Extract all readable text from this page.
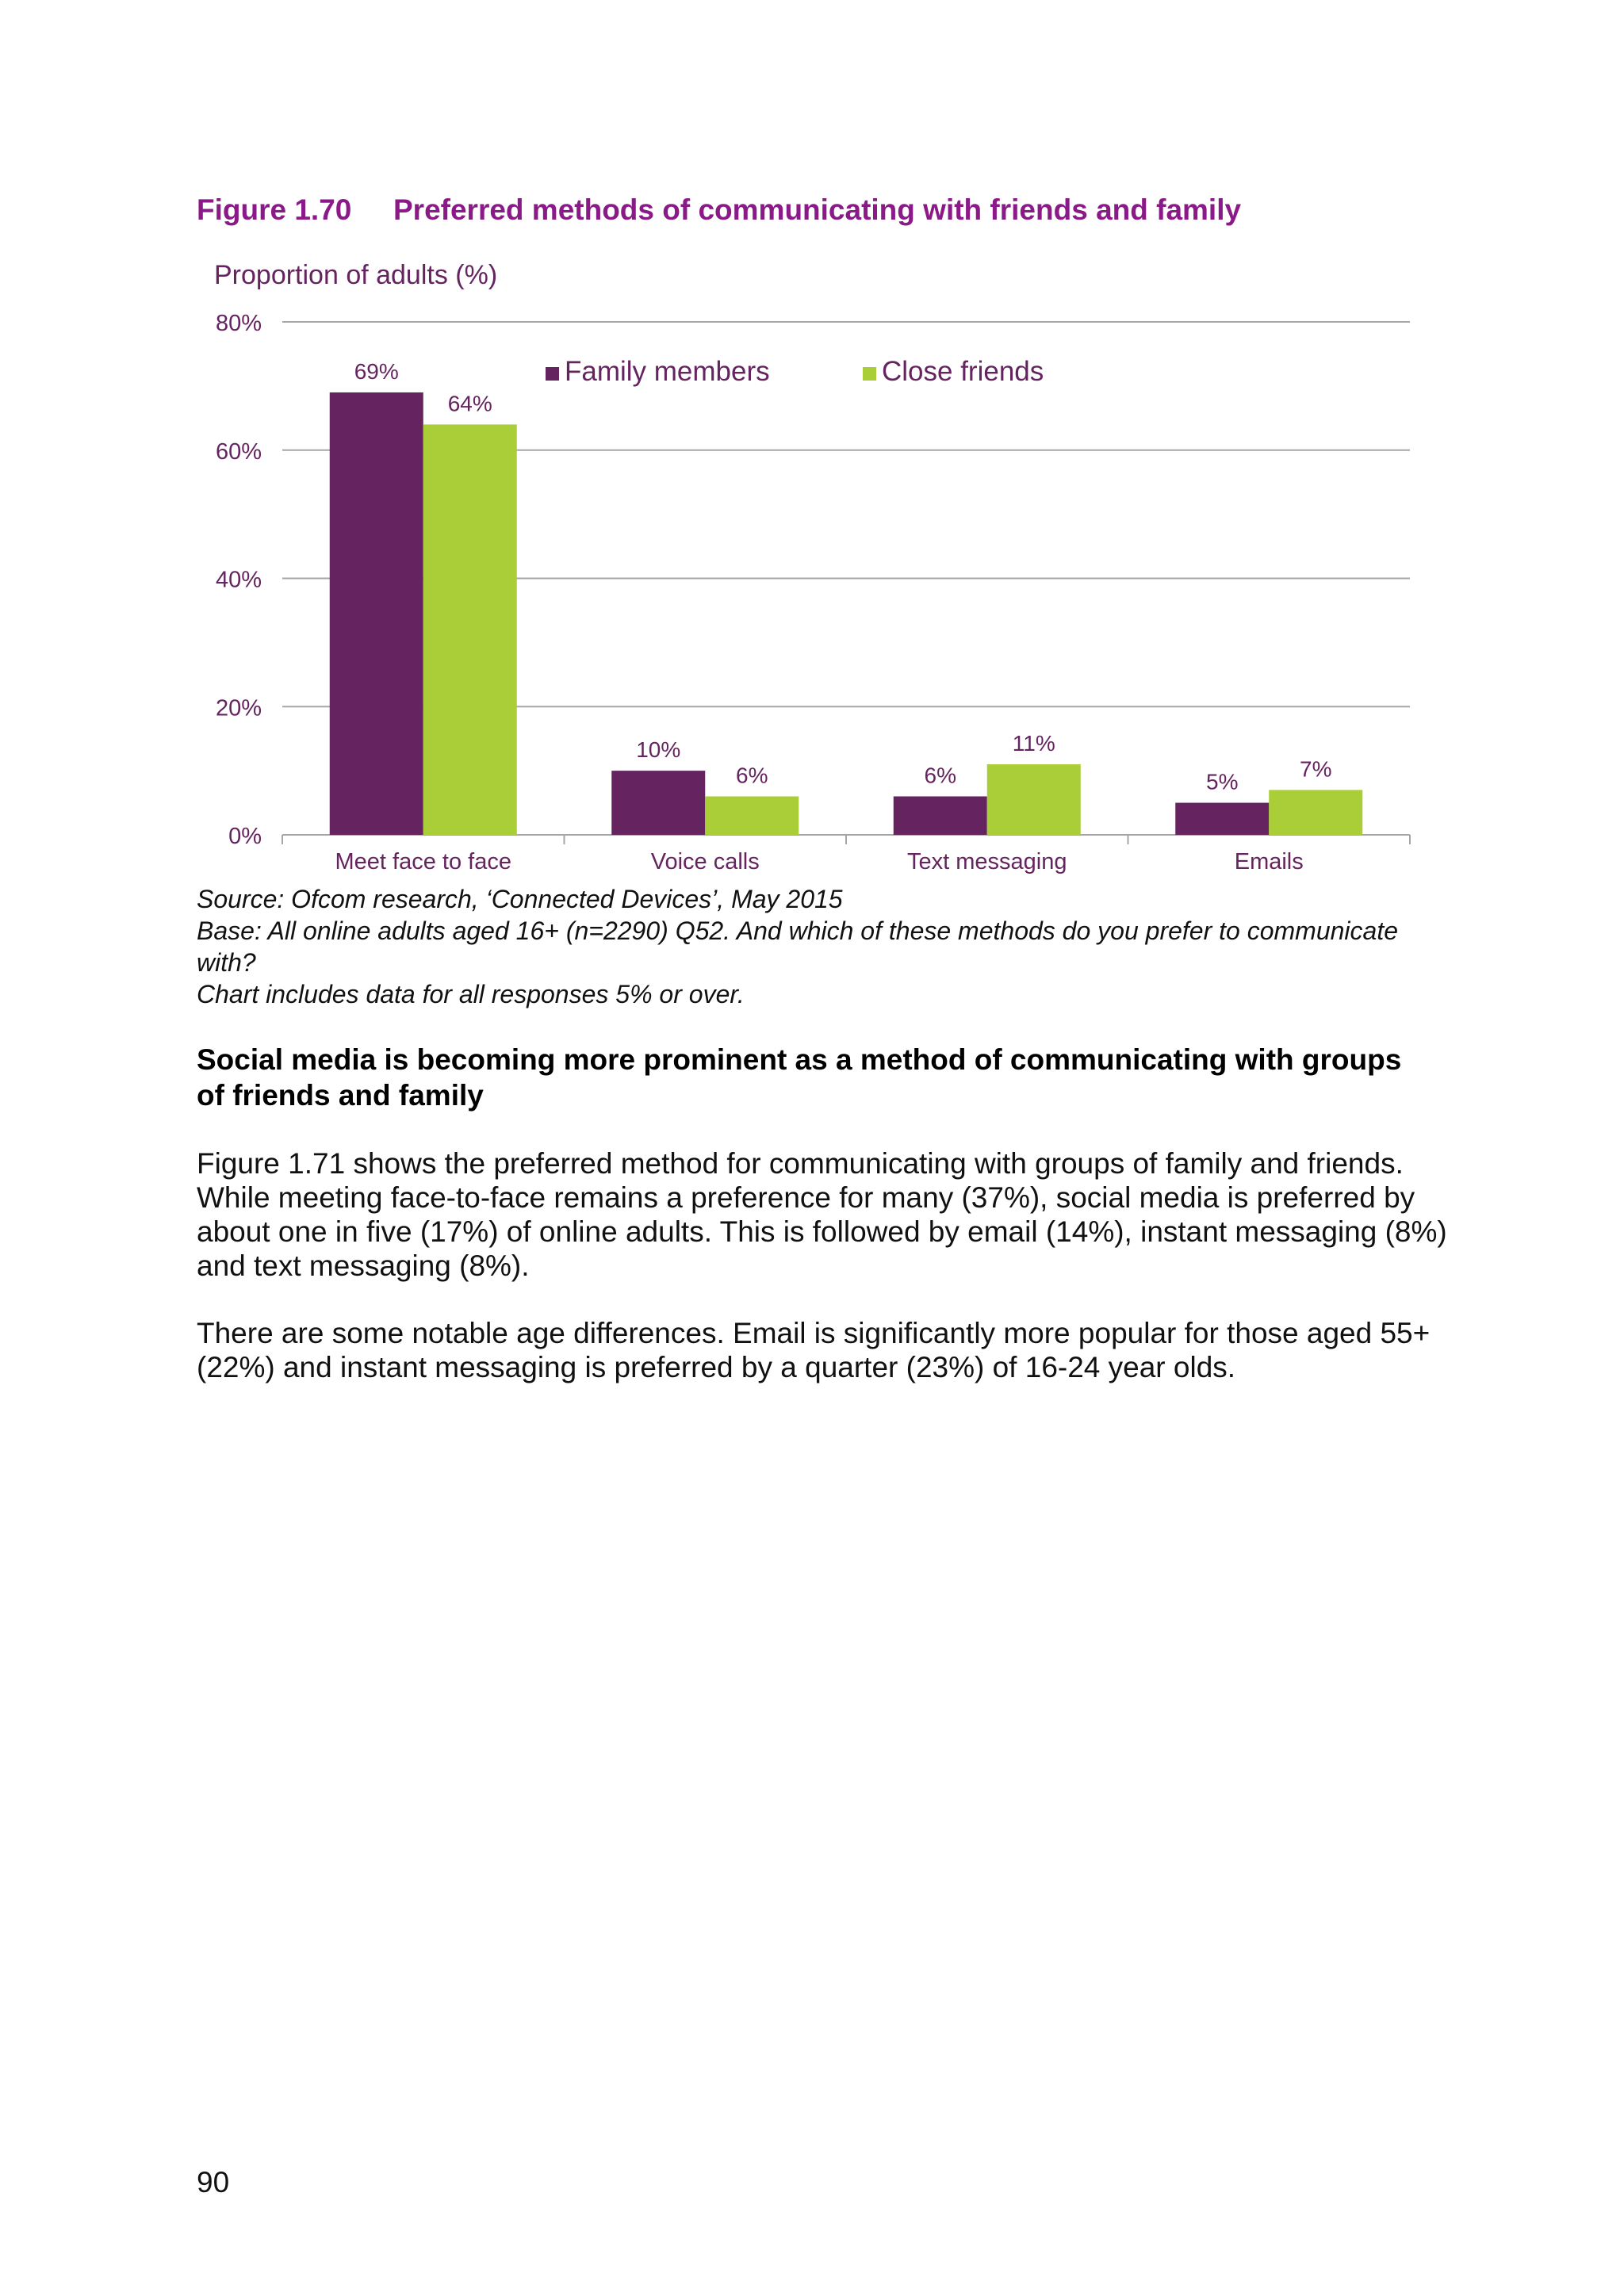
Figure 1.70 Preferred methods of communicating with friends and family
Proportion of adults (%)
0%
20%
40%
60%
80%
69%
64%
Meet face to face
10%
6%
Voice calls
6%
11%
Text messaging
5%
7%
Emails
Family members	Close friends
Source: Ofcom research, ‘Connected Devices’, May 2015
Base: All online adults aged 16+ (n=2290) Q52. And which of these methods do you prefer to communicate with?
Chart includes data for all responses 5% or over.
Social media is becoming more prominent as a method of communicating with groups of friends and family
Figure 1.71 shows the preferred method for communicating with groups of family and friends. While meeting face-to-face remains a preference for many (37%), social media is preferred by about one in five (17%) of online adults. This is followed by email (14%), instant messaging (8%) and text messaging (8%).
There are some notable age differences. Email is significantly more popular for those aged 55+ (22%) and instant messaging is preferred by a quarter (23%) of 16-24 year olds.
90
